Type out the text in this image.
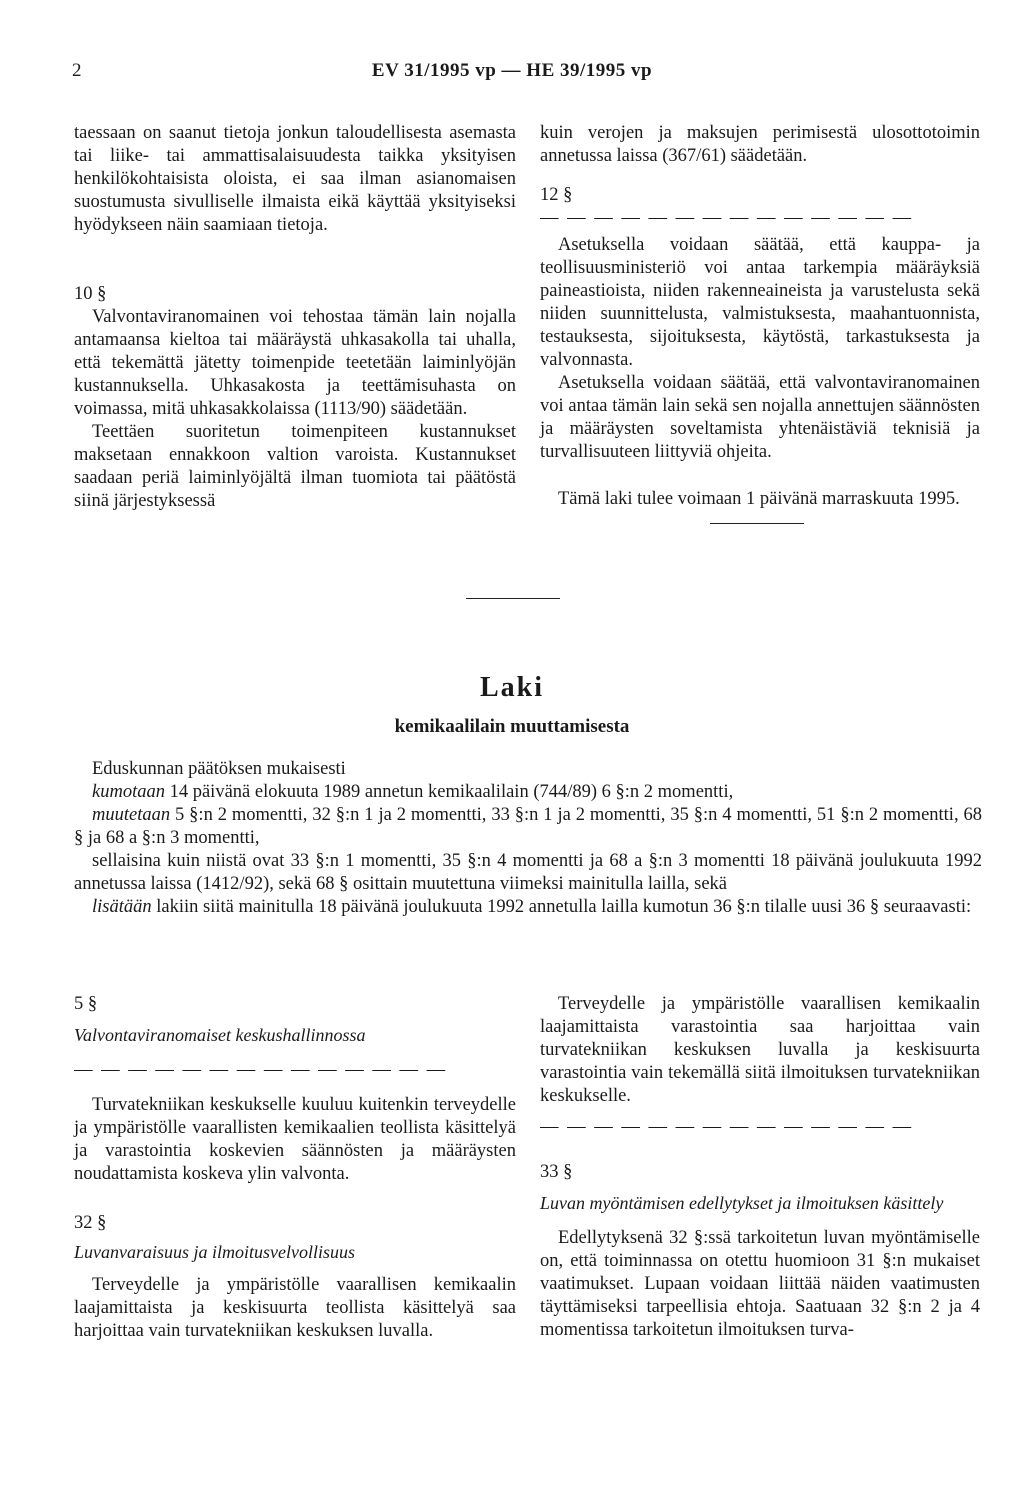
2	EV 31/1995 vp — HE 39/1995 vp

taessaan on saanut tietoja jonkun taloudellisesta asemasta tai liike- tai ammattisalaisuudesta taikka yksityisen henkilökohtaisista oloista, ei saa ilman asianomaisen suostumusta sivulliselle ilmaista eikä käyttää yksityiseksi hyödykseen näin saamiaan tietoja.

10 §

Valvontaviranomainen voi tehostaa tämän lain nojalla antamaansa kieltoa tai määräystä uhkasakolla tai uhalla, että tekemättä jätetty toimenpide teetetään laiminlyöjän kustannuksella. Uhkasakosta ja teettämisuhasta on voimassa, mitä uhkasakkolaissa (1113/90) säädetään.

Teettäen suoritetun toimenpiteen kustannukset maksetaan ennakkoon valtion varoista. Kustannukset saadaan periä laiminlyöjältä ilman tuomiota tai päätöstä siinä järjestyksessä

kuin verojen ja maksujen perimisestä ulosottotoimin annetussa laissa (367/61) säädetään.

12 §

— — — — — — — — — — — — — —

Asetuksella voidaan säätää, että kauppa- ja teollisuusministeriö voi antaa tarkempia määräyksiä paineastioista, niiden rakenneaineista ja varustelusta sekä niiden suunnittelusta, valmistuksesta, maahantuonnista, testauksesta, sijoituksesta, käytöstä, tarkastuksesta ja valvonnasta.

Asetuksella voidaan säätää, että valvontaviranomainen voi antaa tämän lain sekä sen nojalla annettujen säännösten ja määräysten soveltamista yhtenäistäviä teknisiä ja turvallisuuteen liittyviä ohjeita.

Tämä laki tulee voimaan 1 päivänä marraskuuta 1995.

Laki
kemikaalilain muuttamisesta

Eduskunnan päätöksen mukaisesti

kumotaan 14 päivänä elokuuta 1989 annetun kemikaalilain (744/89) 6 §:n 2 momentti,

muutetaan 5 §:n 2 momentti, 32 §:n 1 ja 2 momentti, 33 §:n 1 ja 2 momentti, 35 §:n 4 momentti, 51 §:n 2 momentti, 68 § ja 68 a §:n 3 momentti,

sellaisina kuin niistä ovat 33 §:n 1 momentti, 35 §:n 4 momentti ja 68 a §:n 3 momentti 18 päivänä joulukuuta 1992 annetussa laissa (1412/92), sekä 68 § osittain muutettuna viimeksi mainitulla lailla, sekä

lisätään lakiin siitä mainitulla 18 päivänä joulukuuta 1992 annetulla lailla kumotun 36 §:n tilalle uusi 36 § seuraavasti:

5 §

Valvontaviranomaiset keskushallinnossa

— — — — — — — — — — — — — —

Turvatekniikan keskukselle kuuluu kuitenkin terveydelle ja ympäristölle vaarallisten kemikaalien teollista käsittelyä ja varastointia koskevien säännösten ja määräysten noudattamista koskeva ylin valvonta.

32 §

Luvanvaraisuus ja ilmoitusvelvollisuus

Terveydelle ja ympäristölle vaarallisen kemikaalin laajamittaista ja keskisuurta teollista käsittelyä saa harjoittaa vain turvatekniikan keskuksen luvalla.

Terveydelle ja ympäristölle vaarallisen kemikaalin laajamittaista varastointia saa harjoittaa vain turvatekniikan keskuksen luvalla ja keskisuurta varastointia vain tekemällä siitä ilmoituksen turvatekniikan keskukselle.

— — — — — — — — — — — — — —

33 §

Luvan myöntämisen edellytykset ja ilmoituksen käsittely

Edellytyksenä 32 §:ssä tarkoitetun luvan myöntämiselle on, että toiminnassa on otettu huomioon 31 §:n mukaiset vaatimukset. Lupaan voidaan liittää näiden vaatimusten täyttämiseksi tarpeellisia ehtoja. Saatuaan 32 §:n 2 ja 4 momentissa tarkoitetun ilmoituksen turva-
